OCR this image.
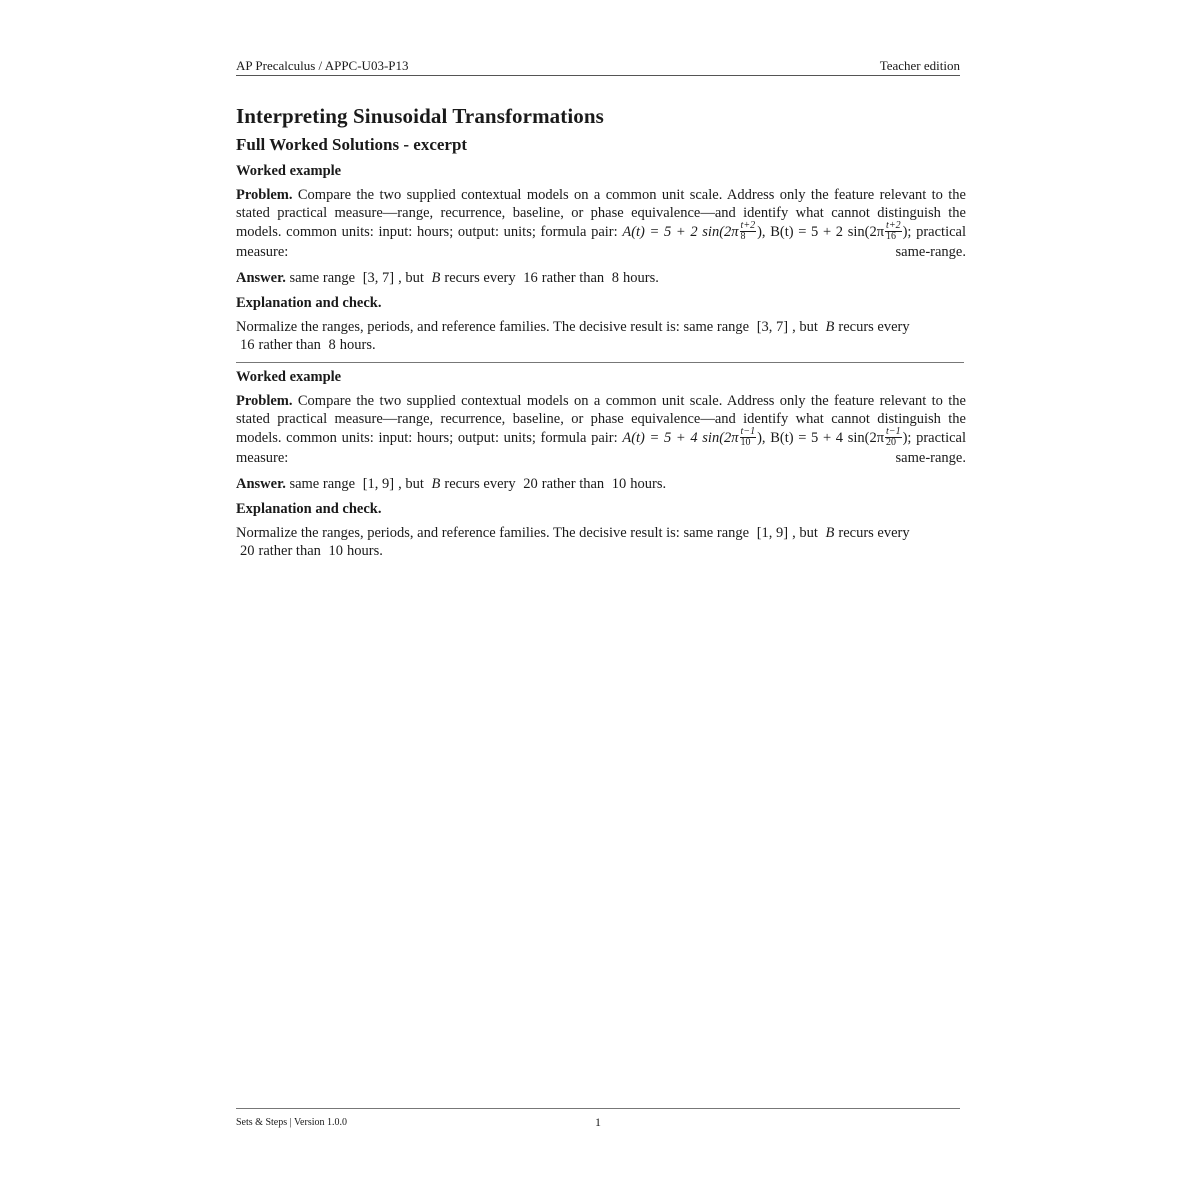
AP Precalculus / APPC-U03-P13	Teacher edition
Interpreting Sinusoidal Transformations
Full Worked Solutions - excerpt
Worked example

Problem. Compare the two supplied contextual models on a common unit scale. Address only the feature relevant to the stated practical measure—range, recurrence, baseline, or phase equivalence—and identify what cannot distinguish the models. common units: input: hours; output: units; formula pair: A(t) = 5 + 2 $\sin(2\pi \frac{t+2}{8}$ ), B(t) = 5 + 2 $\sin(2\pi \frac{t+2}{16}$ ); practical measure: same-range.

Answer. same range [3, 7] , but B recurs every 16 rather than 8 hours.

Explanation and check.

Normalize the ranges, periods, and reference families. The decisive result is: same range [3, 7] , but B recurs every 16 rather than 8 hours.

Worked example

Problem. Compare the two supplied contextual models on a common unit scale. Address only the feature relevant to the stated practical measure—range, recurrence, baseline, or phase equivalence—and identify what cannot distinguish the models. common units: input: hours; output: units; formula pair: A(t) = 5 + 4 $\sin(2\pi \frac{t-1}{10}$ ), B(t) = 5 + 4 $\sin(2\pi \frac{t-1}{20}$ ); practical measure: same-range.

Answer. same range [1, 9] , but B recurs every 20 rather than 10 hours.

Explanation and check.

Normalize the ranges, periods, and reference families. The decisive result is: same range [1, 9] , but B recurs every 20 rather than 10 hours.

Sets & Steps | Version 1.0.0	1
